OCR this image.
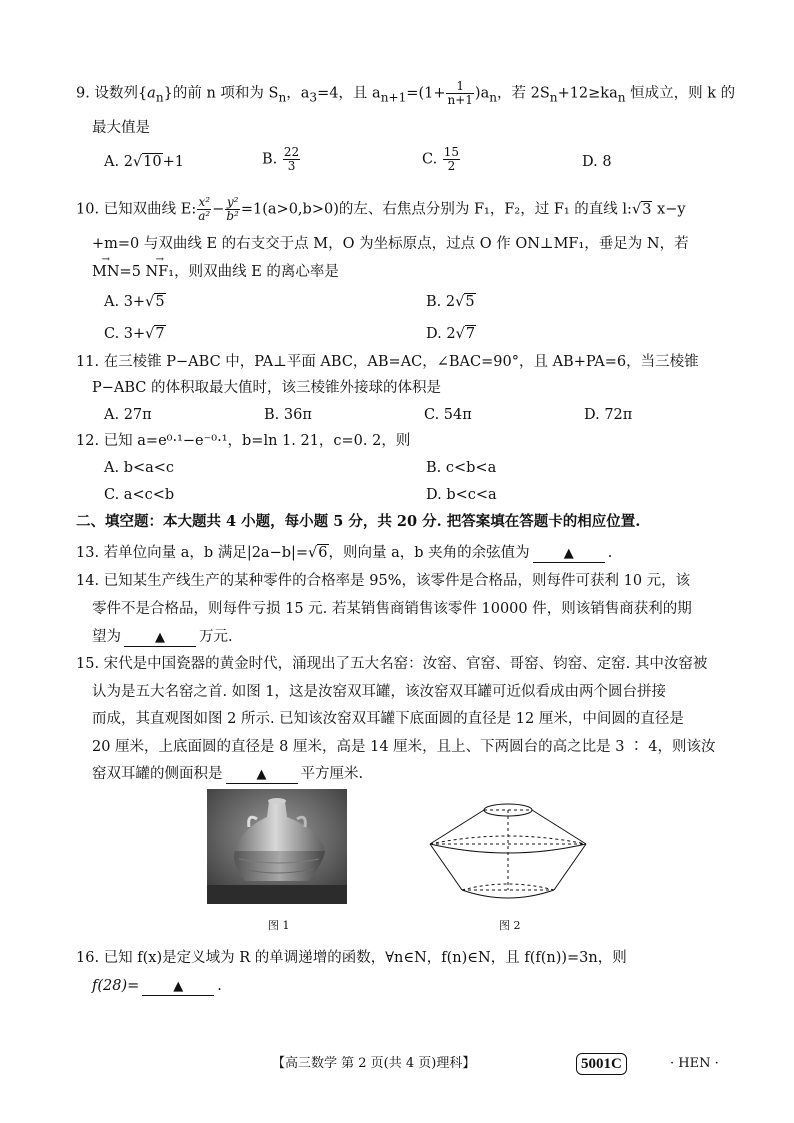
9. 设数列$\{a_n\}$的前 n 项和为 $S_n$，$a_3=4$，且 $a_{n+1}=(1+ \frac{1}{n+1} )a_n$，若 $2S_n+12\ge ka_n$ 恒成立，则 k 的
最大值是
A. 2√10+1	B. $\frac{22}{3}$	C. $\frac{15}{2}$	D. 8
10. 已知双曲线 E: $\frac{\text{x²}}{\text{a²}} - \frac{\text{y²}}{\text{b²}} =1(a>0,b>0)$的左、右焦点分别为 F₁，F₂，过 F₁ 的直线 l:√3 x−y
+m=0 与双曲线 E 的右支交于点 M，O 为坐标原点，过点 O 作 ON⊥MF₁，垂足为 N，若
→ MN=5 → NF₁，则双曲线 E 的离心率是
A. 3+√5	B. 2√5
C. 3+√7	D. 2√7
11. 在三棱锥 P−ABC 中，PA⊥平面 ABC，AB=AC，∠BAC=90°，且 AB+PA=6，当三棱锥
P−ABC 的体积取最大值时，该三棱锥外接球的体积是
A. 27π	B. 36π	C. 54π	D. 72π
12. 已知 a=e⁰·¹−e⁻⁰·¹，b=ln 1. 21，c=0. 2，则
A. b<a<c	B. c<b<a
C. a<c<b	D. b<c<a
二、填空题：本大题共 4 小题，每小题 5 分，共 20 分. 把答案填在答题卡的相应位置.
13. 若单位向量 a，b 满足|2a−b|=√6，则向量 a，b 夹角的余弦值为	▲ .
14. 已知某生产线生产的某种零件的合格率是 95%，该零件是合格品，则每件可获利 10 元，该
零件不是合格品，则每件亏损 15 元. 若某销售商销售该零件 10000 件，则该销售商获利的期
望为	▲ 万元.
15. 宋代是中国瓷器的黄金时代，涌现出了五大名窑：汝窑、官窑、哥窑、钧窑、定窑. 其中汝窑被
认为是五大名窑之首. 如图 1，这是汝窑双耳罐，该汝窑双耳罐可近似看成由两个圆台拼接
而成，其直观图如图 2 所示. 已知该汝窑双耳罐下底面圆的直径是 12 厘米，中间圆的直径是
20 厘米，上底面圆的直径是 8 厘米，高是 14 厘米，且上、下两圆台的高之比是 3 ∶ 4，则该汝
窑双耳罐的侧面积是	▲ 平方厘米.
图 1	图 2
16. 已知 f(x)是定义域为 R 的单调递增的函数，∀n∈N，f(n)∈N，且 f(f(n))=3n，则
f(28)=	▲ .
【高三数学 第 2 页(共 4 页)理科】	5001C	· HEN ·
